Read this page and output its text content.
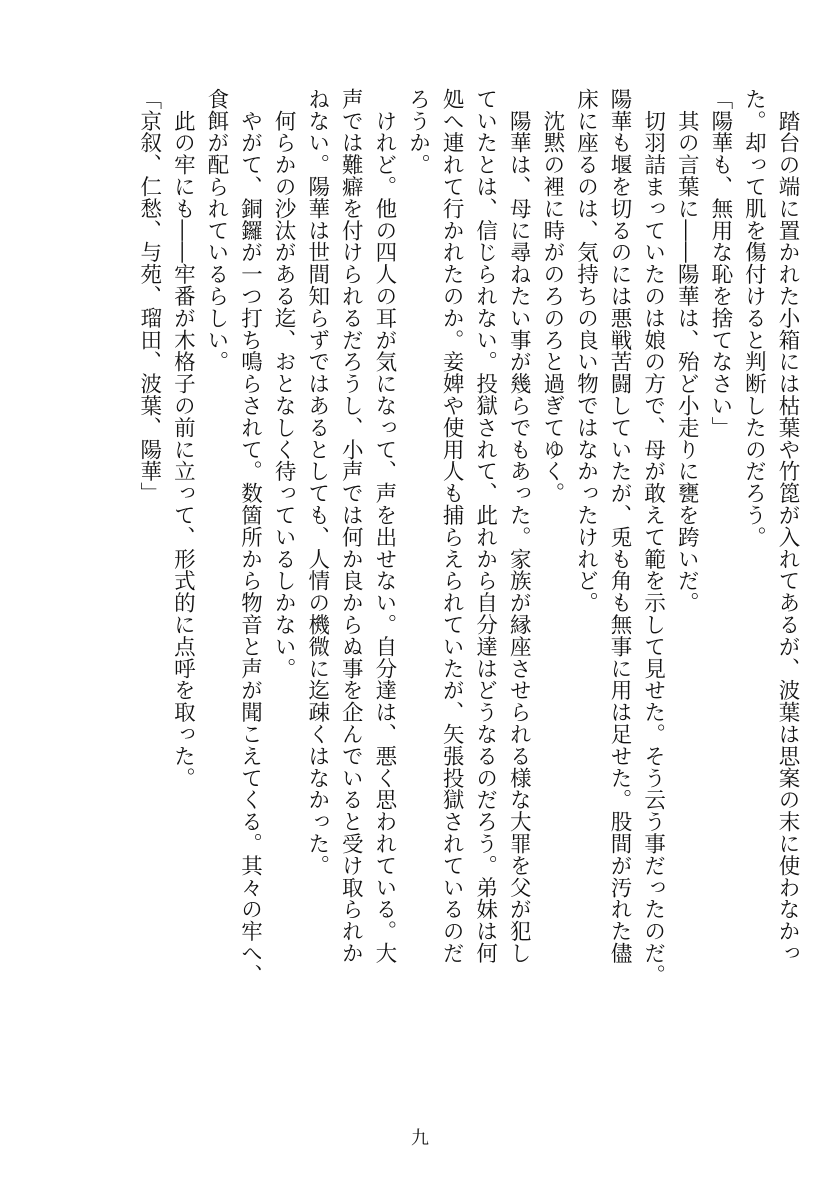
　踏台の端に置かれた小箱には枯葉や竹箆が入れてあるが、波葉は思案の末に使わなかっ
た。却って肌を傷付けると判断したのだろう。
「陽華も、無用な恥を捨てなさい」
　其の言葉に――陽華は、殆ど小走りに甕を跨いだ。
　切羽詰まっていたのは娘の方で、母が敢えて範を示して見せた。そう云う事だったのだ。
陽華も堰を切るのには悪戦苦闘していたが、兎も角も無事に用は足せた。股間が汚れた儘
床に座るのは、気持ちの良い物ではなかったけれど。
　沈黙の裡に時がのろのろと過ぎてゆく。
　陽華は、母に尋ねたい事が幾らでもあった。家族が縁座させられる様な大罪を父が犯し
ていたとは、信じられない。投獄されて、此れから自分達はどうなるのだろう。弟妹は何
処へ連れて行かれたのか。妾婢や使用人も捕らえられていたが、矢張投獄されているのだ
ろうか。
　けれど。他の四人の耳が気になって、声を出せない。自分達は、悪く思われている。大
声では難癖を付けられるだろうし、小声では何か良からぬ事を企んでいると受け取られか
ねない。陽華は世間知らずではあるとしても、人情の機微に迄疎くはなかった。
　何らかの沙汰がある迄、おとなしく待っているしかない。
　やがて、銅鑼が一つ打ち鳴らされて。数箇所から物音と声が聞こえてくる。其々の牢へ、
食餌が配られているらしい。
　此の牢にも――牢番が木格子の前に立って、形式的に点呼を取った。
「京叙、仁愁、与苑、瑠田、波葉、陽華」
九
